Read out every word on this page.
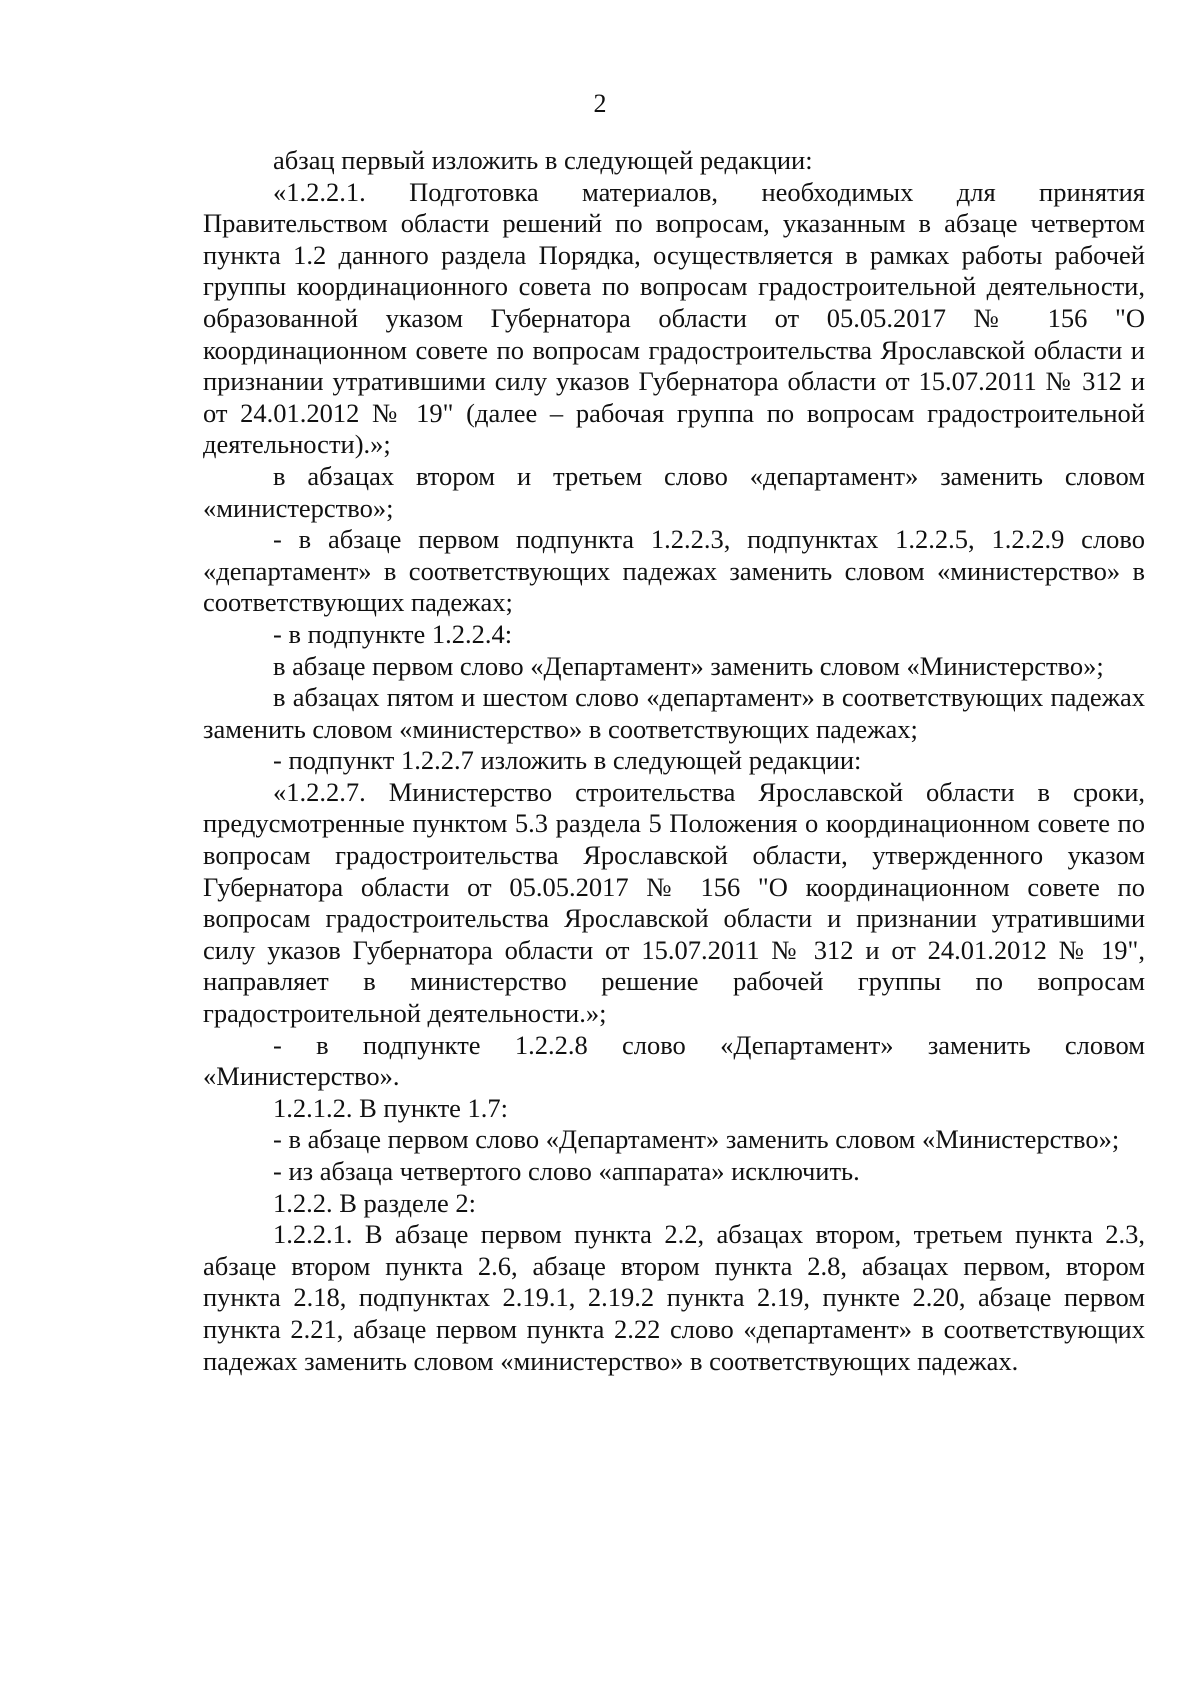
2

абзац первый изложить в следующей редакции:

«1.2.2.1. Подготовка материалов, необходимых для принятия Правительством области решений по вопросам, указанным в абзаце четвертом пункта 1.2 данного раздела Порядка, осуществляется в рамках работы рабочей группы координационного совета по вопросам градостроительной деятельности, образованной указом Губернатора области от 05.05.2017 № 156 "О координационном совете по вопросам градостроительства Ярославской области и признании утратившими силу указов Губернатора области от 15.07.2011 № 312 и от 24.01.2012 № 19" (далее – рабочая группа по вопросам градостроительной деятельности).»;

в абзацах втором и третьем слово «департамент» заменить словом «министерство»;

- в абзаце первом подпункта 1.2.2.3, подпунктах 1.2.2.5, 1.2.2.9 слово «департамент» в соответствующих падежах заменить словом «министерство» в соответствующих падежах;

- в подпункте 1.2.2.4:

в абзаце первом слово «Департамент» заменить словом «Министерство»;

в абзацах пятом и шестом слово «департамент» в соответствующих падежах заменить словом «министерство» в соответствующих падежах;

- подпункт 1.2.2.7 изложить в следующей редакции:

«1.2.2.7. Министерство строительства Ярославской области в сроки, предусмотренные пунктом 5.3 раздела 5 Положения о координационном совете по вопросам градостроительства Ярославской области, утвержденного указом Губернатора области от 05.05.2017 № 156 "О координационном совете по вопросам градостроительства Ярославской области и признании утратившими силу указов Губернатора области от 15.07.2011 № 312 и от 24.01.2012 № 19", направляет в министерство решение рабочей группы по вопросам градостроительной деятельности.»;

- в подпункте 1.2.2.8 слово «Департамент» заменить словом «Министерство».

1.2.1.2. В пункте 1.7:

- в абзаце первом слово «Департамент» заменить словом «Министерство»;

- из абзаца четвертого слово «аппарата» исключить.

1.2.2. В разделе 2:

1.2.2.1. В абзаце первом пункта 2.2, абзацах втором, третьем пункта 2.3, абзаце втором пункта 2.6, абзаце втором пункта 2.8, абзацах первом, втором пункта 2.18, подпунктах 2.19.1, 2.19.2 пункта 2.19, пункте 2.20, абзаце первом пункта 2.21, абзаце первом пункта 2.22 слово «департамент» в соответствующих падежах заменить словом «министерство» в соответствующих падежах.
